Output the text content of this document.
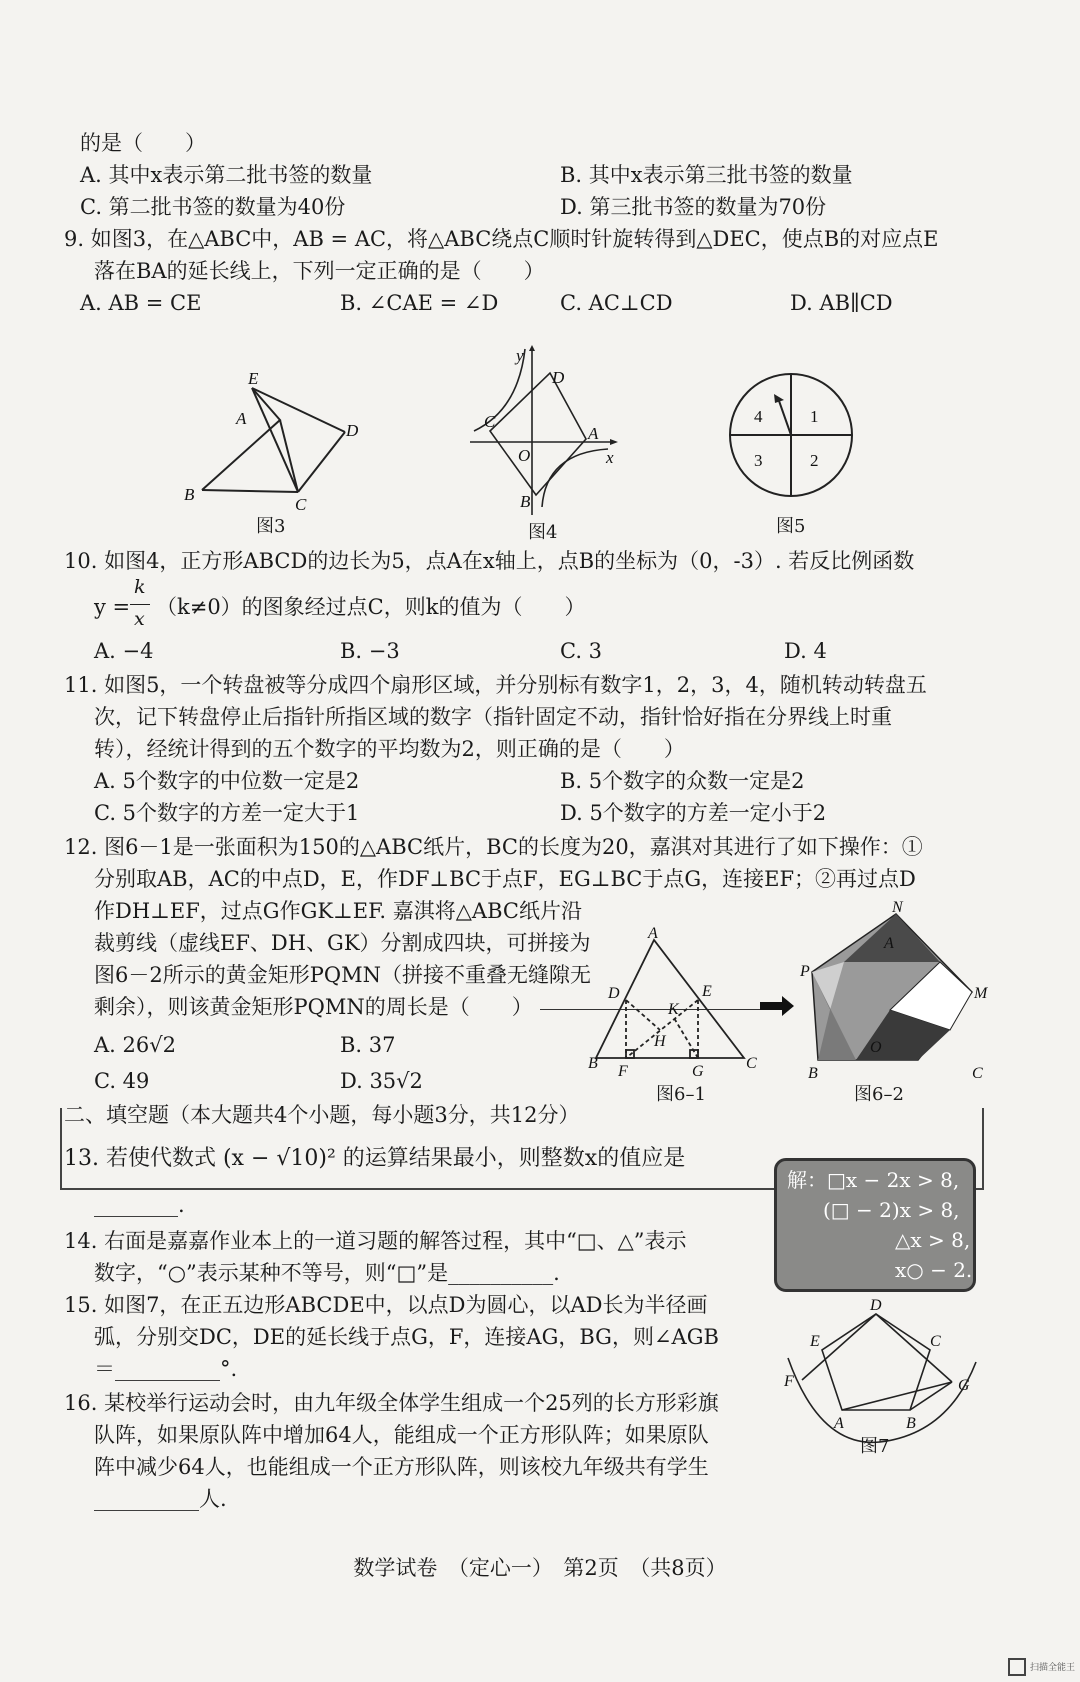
的是（　　）
A. 其中x表示第二批书签的数量	B. 其中x表示第三批书签的数量
C. 第二批书签的数量为40份	D. 第三批书签的数量为70份
9. 如图3，在△ABC中，AB = AC，将△ABC绕点C顺时针旋转得到△DEC，使点B的对应点E
落在BA的延长线上，下列一定正确的是（　　）
A. AB = CE	B. ∠CAE = ∠D	C. AC⊥CD	D. AB∥CD
E
A
D
B
C
图3
y
D
C
A
O	x
B
图4
1
2
3
4
图5
10. 如图4，正方形ABCD的边长为5，点A在x轴上，点B的坐标为（0，-3）. 若反比例函数
y =
k
x （k≠0）的图象经过点C，则k的值为（　　）
A. −4	B. −3	C. 3	D. 4
11. 如图5，一个转盘被等分成四个扇形区域，并分别标有数字1，2，3，4，随机转动转盘五
次，记下转盘停止后指针所指区域的数字（指针固定不动，指针恰好指在分界线上时重
转），经统计得到的五个数字的平均数为2，则正确的是（　　）
A. 5个数字的中位数一定是2	B. 5个数字的众数一定是2
C. 5个数字的方差一定大于1	D. 5个数字的方差一定小于2
12. 图6－1是一张面积为150的△ABC纸片，BC的长度为20，嘉淇对其进行了如下操作：①
分别取AB，AC的中点D，E，作DF⊥BC于点F，EG⊥BC于点G，连接EF；②再过点D
作DH⊥EF，过点G作GK⊥EF. 嘉淇将△ABC纸片沿
裁剪线（虚线EF、DH、GK）分割成四块，可拼接为
图6－2所示的黄金矩形PQMN（拼接不重叠无缝隙无
剩余），则该黄金矩形PQMN的周长是（　　）
A. 26√2	B. 37
C. 49	D. 35√2
A
D	E
K
H
B F	G	C
图6–1
N
A
P
M
O
B	C
图6–2
二、填空题（本大题共4个小题，每小题3分，共12分）
13. 若使代数式 (x − √10)² 的运算结果最小，则整数x的值应是
________.
14. 右面是嘉嘉作业本上的一道习题的解答过程，其中“□、△”表示
数字，“○”表示某种不等号，则“□”是__________.
解：□x − 2x > 8,
(□ − 2)x > 8,
△x > 8,
x○ − 2.
15. 如图7，在正五边形ABCDE中，以点D为圆心，以AD长为半径画
弧，分别交DC，DE的延长线于点G，F，连接AG，BG，则∠AGB
＝__________°.
D
E	C
F	G
A	B
图7
16. 某校举行运动会时，由九年级全体学生组成一个25列的长方形彩旗
队阵，如果原队阵中增加64人，能组成一个正方形队阵；如果原队
阵中减少64人，也能组成一个正方形队阵，则该校九年级共有学生
__________人.
数学试卷　（定心一）　第2页　（共8页）
扫描全能王
